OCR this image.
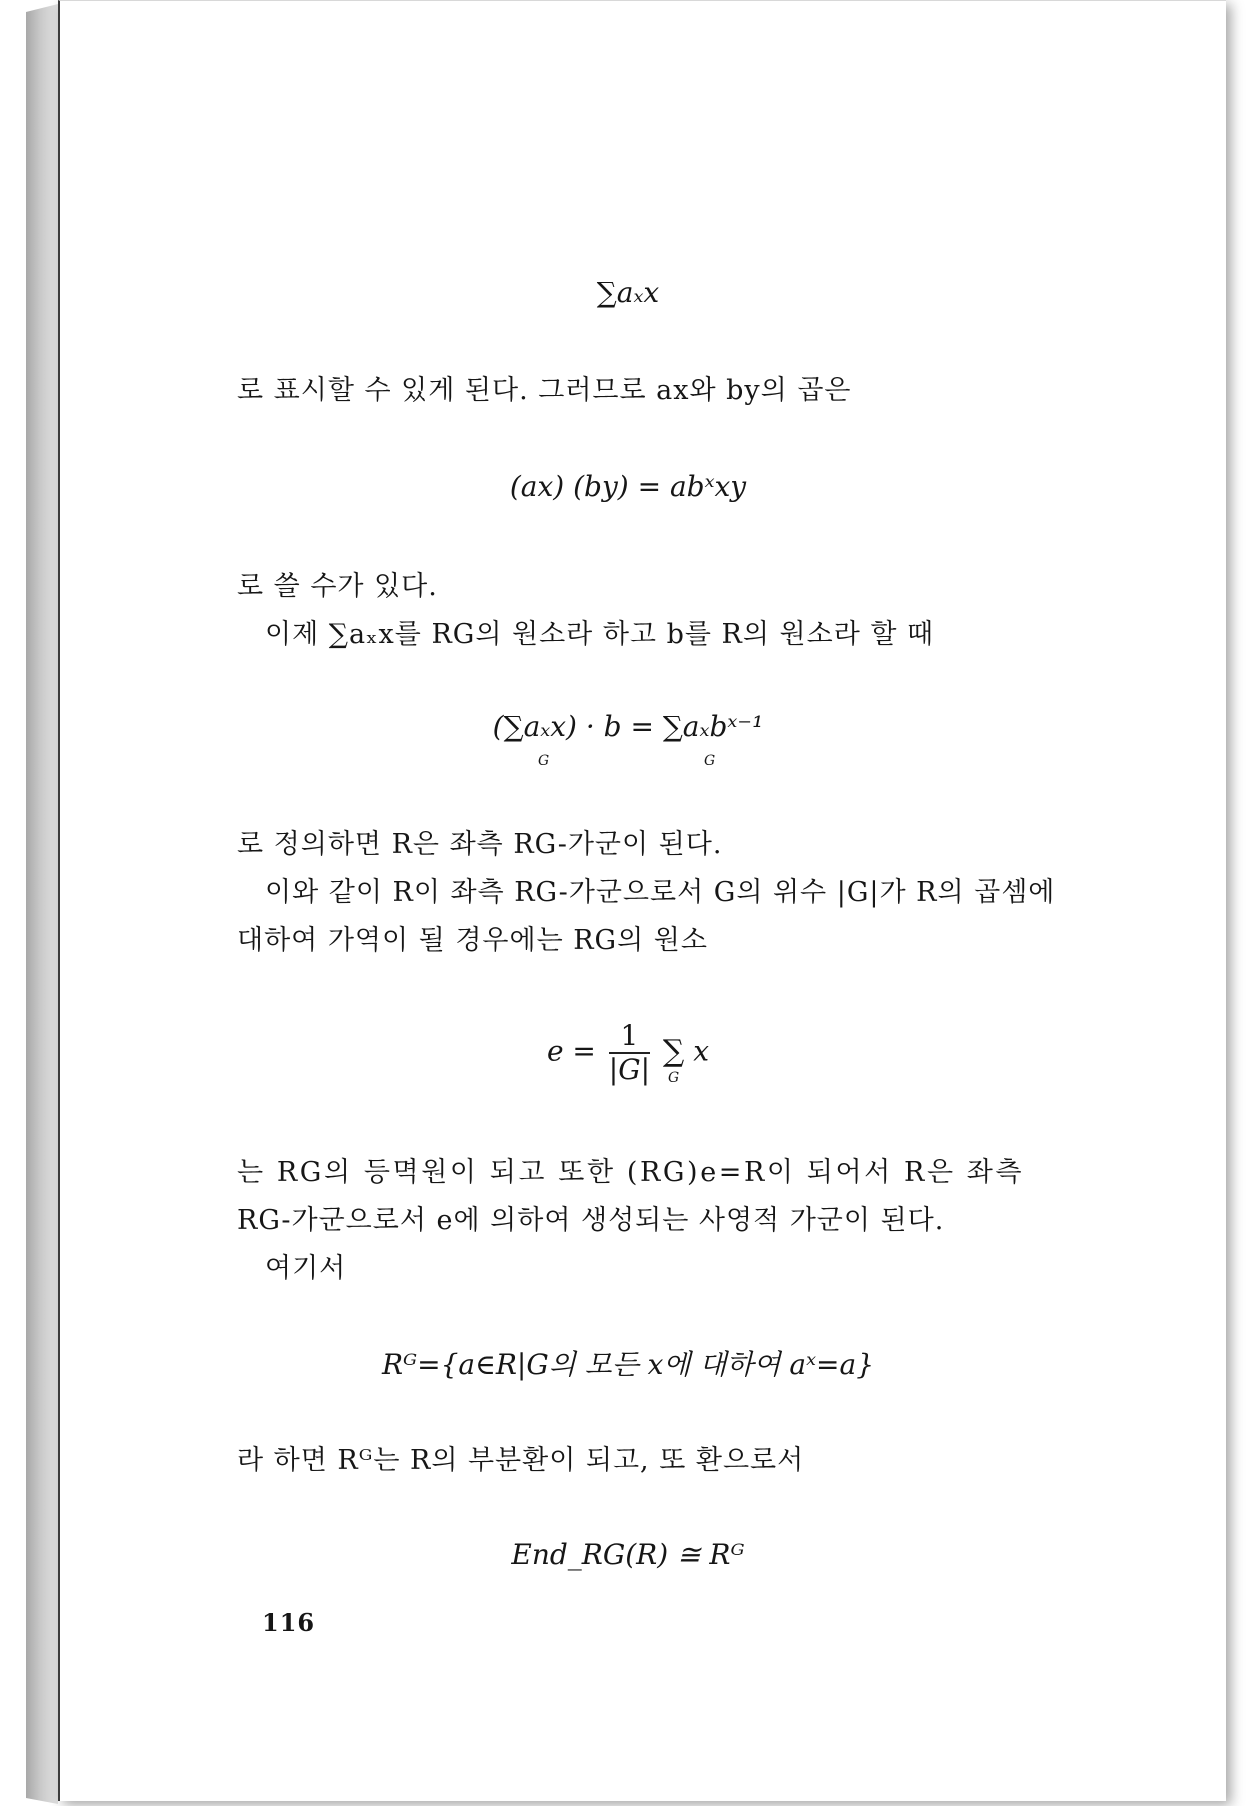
∑aₓx
로 표시할 수 있게 된다. 그러므로 ax와 by의 곱은
(ax) (by) = abˣxy
로 쓸 수가 있다.
이제 ∑aₓx를 RG의 원소라 하고 b를 R의 원소라 할 때
(∑aₓx) · b = ∑aₓbˣ⁻¹
G	G
로 정의하면 R은 좌측 RG-가군이 된다.
이와 같이 R이 좌측 RG-가군으로서 G의 위수 |G|가 R의 곱셈에
대하여 가역이 될 경우에는 RG의 원소
$e = \frac{1}{|G|}$ ∑
G
x
는 RG의 등멱원이 되고 또한 (RG)e=R이 되어서 R은 좌측
RG-가군으로서 e에 의하여 생성되는 사영적 가군이 된다.
여기서
Rᴳ={a∈R|G의 모든 x에 대하여 aˣ=a}
라 하면 Rᴳ는 R의 부분환이 되고, 또 환으로서
End_RG(R) ≅ Rᴳ
116
